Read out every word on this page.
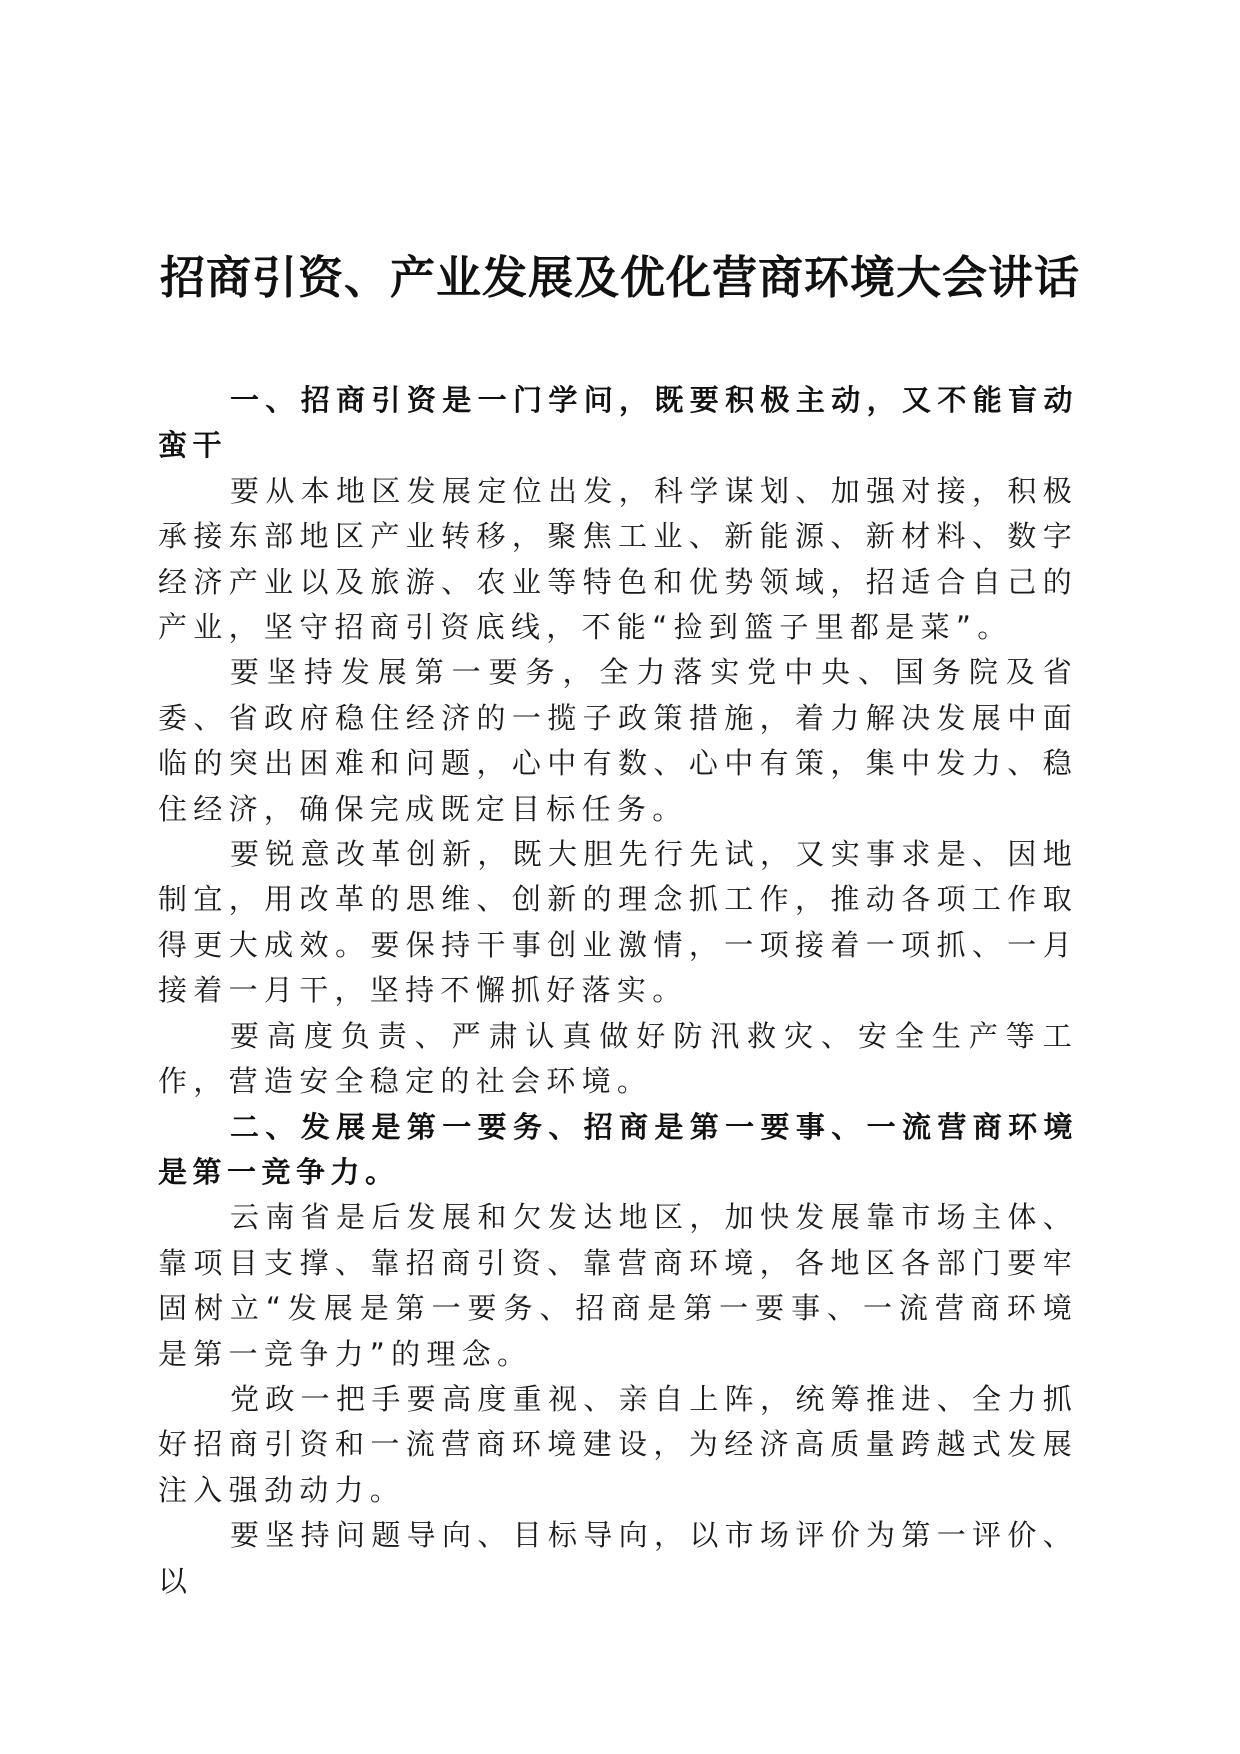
招商引资、产业发展及优化营商环境大会讲话

一、招商引资是一门学问，既要积极主动，又不能盲动蛮干

要从本地区发展定位出发，科学谋划、加强对接，积极承接东部地区产业转移，聚焦工业、新能源、新材料、数字经济产业以及旅游、农业等特色和优势领域，招适合自己的产业，坚守招商引资底线，不能“捡到篮子里都是菜”。

要坚持发展第一要务，全力落实党中央、国务院及省委、省政府稳住经济的一揽子政策措施，着力解决发展中面临的突出困难和问题，心中有数、心中有策，集中发力、稳住经济，确保完成既定目标任务。

要锐意改革创新，既大胆先行先试，又实事求是、因地制宜，用改革的思维、创新的理念抓工作，推动各项工作取得更大成效。要保持干事创业激情，一项接着一项抓、一月接着一月干，坚持不懈抓好落实。

要高度负责、严肃认真做好防汛救灾、安全生产等工作，营造安全稳定的社会环境。

二、发展是第一要务、招商是第一要事、一流营商环境是第一竞争力。

云南省是后发展和欠发达地区，加快发展靠市场主体、靠项目支撑、靠招商引资、靠营商环境，各地区各部门要牢固树立“发展是第一要务、招商是第一要事、一流营商环境是第一竞争力”的理念。

党政一把手要高度重视、亲自上阵，统筹推进、全力抓好招商引资和一流营商环境建设，为经济高质量跨越式发展注入强劲动力。

要坚持问题导向、目标导向，以市场评价为第一评价、以
